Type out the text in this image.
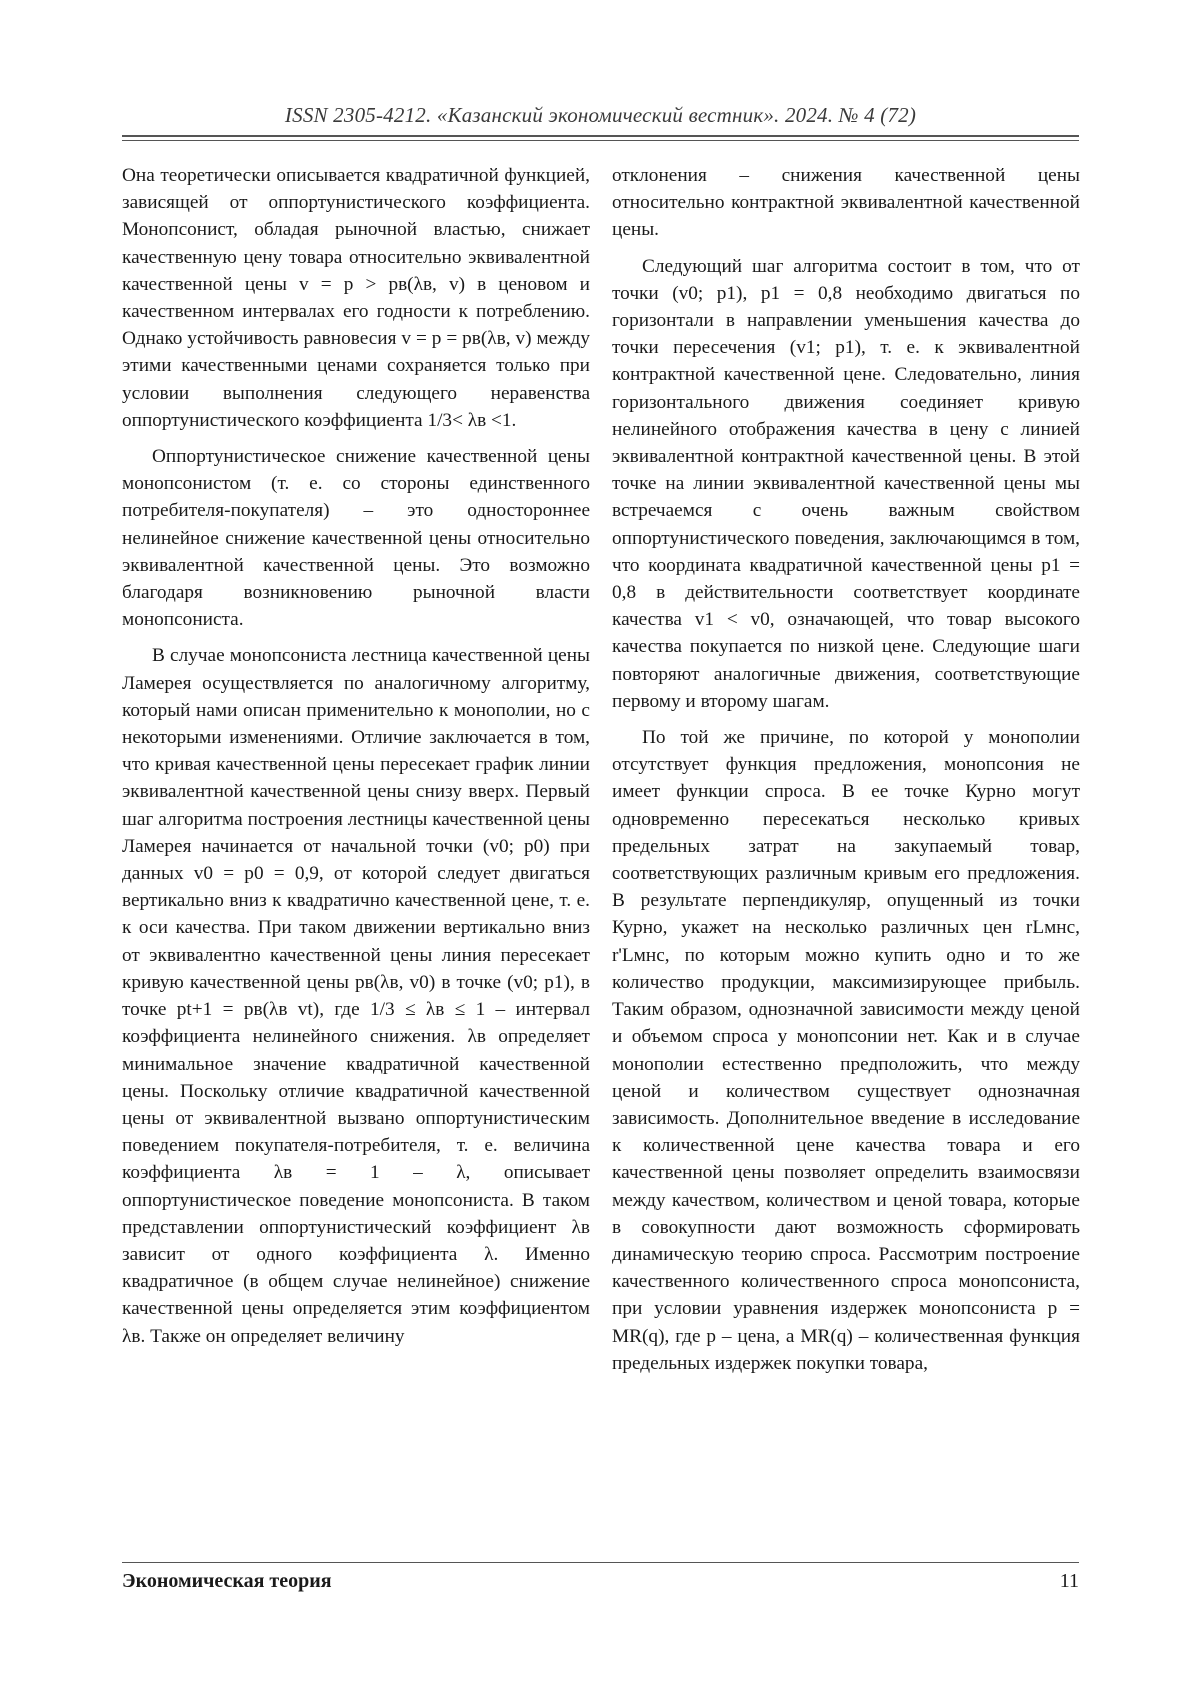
ISSN 2305-4212. «Казанский экономический вестник». 2024. № 4 (72)

Она теоретически описывается квадратичной функцией, зависящей от оппортунистического коэффициента. Монопсонист, обладая рыночной властью, снижает качественную цену товара относительно эквивалентной качественной цены v = p > pв(λв, v) в ценовом и качественном интервалах его годности к потреблению. Однако устойчивость равновесия v = p = pв(λв, v) между этими качественными ценами сохраняется только при условии выполнения следующего неравенства оппортунистического коэффициента 1/3< λв <1.

Оппортунистическое снижение качественной цены монопсонистом (т. е. со стороны единственного потребителя-покупателя) – это одностороннее нелинейное снижение качественной цены относительно эквивалентной качественной цены. Это возможно благодаря возникновению рыночной власти монопсониста.

В случае монопсониста лестница качественной цены Ламерея осуществляется по аналогичному алгоритму, который нами описан применительно к монополии, но с некоторыми изменениями. Отличие заключается в том, что кривая качественной цены пересекает график линии эквивалентной качественной цены снизу вверх. Первый шаг алгоритма построения лестницы качественной цены Ламерея начинается от начальной точки (v0; p0) при данных v0 = p0 = 0,9, от которой следует двигаться вертикально вниз к квадратично качественной цене, т. е. к оси качества. При таком движении вертикально вниз от эквивалентно качественной цены линия пересекает кривую качественной цены pв(λв, v0) в точке (v0; p1), в точке pt+1 = pв(λв vt), где 1/3 ≤ λв ≤ 1 – интервал коэффициента нелинейного снижения. λв определяет минимальное значение квадратичной качественной цены. Поскольку отличие квадратичной качественной цены от эквивалентной вызвано оппортунистическим поведением покупателя-потребителя, т. е. величина коэффициента λв = 1 – λ, описывает оппортунистическое поведение монопсониста. В таком представлении оппортунистический коэффициент λв зависит от одного коэффициента λ. Именно квадратичное (в общем случае нелинейное) снижение качественной цены определяется этим коэффициентом λв. Также он определяет величину

отклонения – снижения качественной цены относительно контрактной эквивалентной качественной цены.

Следующий шаг алгоритма состоит в том, что от точки (v0; p1), p1 = 0,8 необходимо двигаться по горизонтали в направлении уменьшения качества до точки пересечения (v1; p1), т. е. к эквивалентной контрактной качественной цене. Следовательно, линия горизонтального движения соединяет кривую нелинейного отображения качества в цену с линией эквивалентной контрактной качественной цены. В этой точке на линии эквивалентной качественной цены мы встречаемся с очень важным свойством оппортунистического поведения, заключающимся в том, что координата квадратичной качественной цены p1 = 0,8 в действительности соответствует координате качества v1 < v0, означающей, что товар высокого качества покупается по низкой цене. Следующие шаги повторяют аналогичные движения, соответствующие первому и второму шагам.

По той же причине, по которой у монополии отсутствует функция предложения, монопсония не имеет функции спроса. В ее точке Курно могут одновременно пересекаться несколько кривых предельных затрат на закупаемый товар, соответствующих различным кривым его предложения. В результате перпендикуляр, опущенный из точки Курно, укажет на несколько различных цен rLмнс, r'Lмнс, по которым можно купить одно и то же количество продукции, максимизирующее прибыль. Таким образом, однозначной зависимости между ценой и объемом спроса у монопсонии нет. Как и в случае монополии естественно предположить, что между ценой и количеством существует однозначная зависимость. Дополнительное введение в исследование к количественной цене качества товара и его качественной цены позволяет определить взаимосвязи между качеством, количеством и ценой товара, которые в совокупности дают возможность сформировать динамическую теорию спроса. Рассмотрим построение качественного количественного спроса монопсониста, при условии уравнения издержек монопсониста p = MR(q), где p – цена, а MR(q) – количественная функция предельных издержек покупки товара,

Экономическая теория	11
